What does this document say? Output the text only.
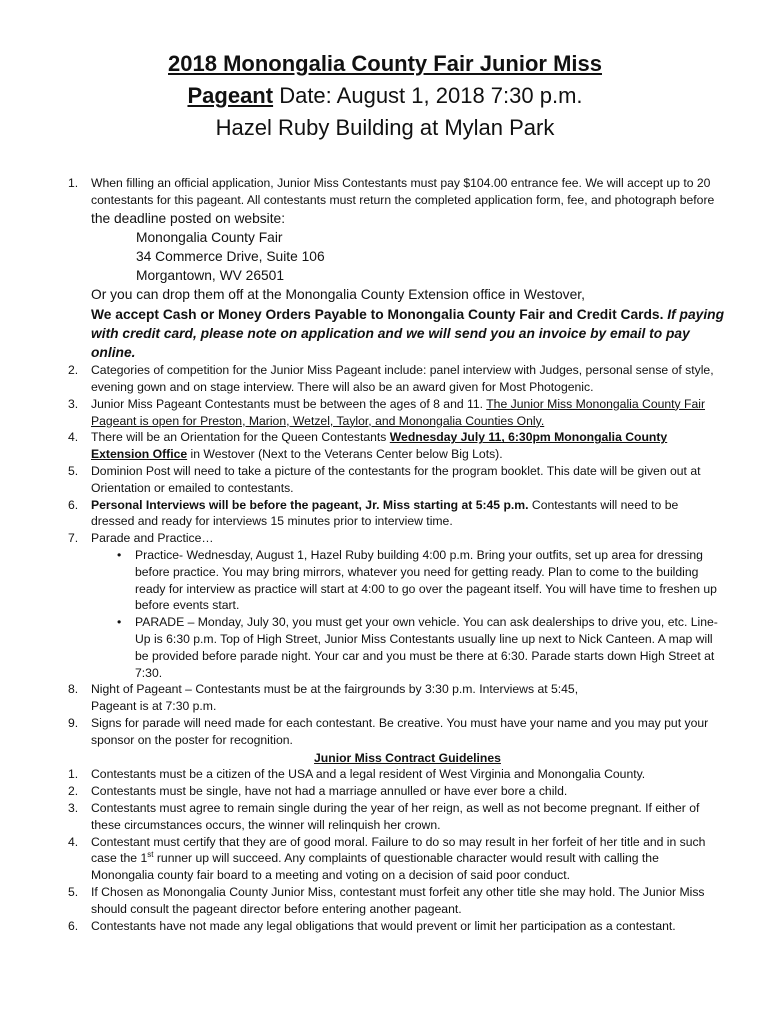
2018 Monongalia County Fair Junior Miss
Pageant Date: August 1, 2018 7:30 p.m.
Hazel Ruby Building at Mylan Park
1. When filling an official application, Junior Miss Contestants must pay $104.00 entrance fee. We will accept up to 20 contestants for this pageant. All contestants must return the completed application form, fee, and photograph before the deadline posted on website:
Monongalia County Fair
34 Commerce Drive, Suite 106
Morgantown, WV 26501
Or you can drop them off at the Monongalia County Extension office in Westover,
We accept Cash or Money Orders Payable to Monongalia County Fair and Credit Cards. If paying with credit card, please note on application and we will send you an invoice by email to pay online.
2. Categories of competition for the Junior Miss Pageant include: panel interview with Judges, personal sense of style, evening gown and on stage interview. There will also be an award given for Most Photogenic.
3. Junior Miss Pageant Contestants must be between the ages of 8 and 11. The Junior Miss Monongalia County Fair Pageant is open for Preston, Marion, Wetzel, Taylor, and Monongalia Counties Only.
4. There will be an Orientation for the Queen Contestants Wednesday July 11, 6:30pm Monongalia County Extension Office in Westover (Next to the Veterans Center below Big Lots).
5. Dominion Post will need to take a picture of the contestants for the program booklet. This date will be given out at Orientation or emailed to contestants.
6. Personal Interviews will be before the pageant, Jr. Miss starting at 5:45 p.m. Contestants will need to be dressed and ready for interviews 15 minutes prior to interview time.
7. Parade and Practice…
• Practice- Wednesday, August 1, Hazel Ruby building 4:00 p.m. Bring your outfits, set up area for dressing before practice. You may bring mirrors, whatever you need for getting ready. Plan to come to the building ready for interview as practice will start at 4:00 to go over the pageant itself. You will have time to freshen up before events start.
• PARADE – Monday, July 30, you must get your own vehicle. You can ask dealerships to drive you, etc. Line-Up is 6:30 p.m. Top of High Street, Junior Miss Contestants usually line up next to Nick Canteen. A map will be provided before parade night. Your car and you must be there at 6:30. Parade starts down High Street at 7:30.
8. Night of Pageant – Contestants must be at the fairgrounds by 3:30 p.m. Interviews at 5:45,
Pageant is at 7:30 p.m.
9. Signs for parade will need made for each contestant. Be creative. You must have your name and you may put your sponsor on the poster for recognition.
Junior Miss Contract Guidelines
1. Contestants must be a citizen of the USA and a legal resident of West Virginia and Monongalia County.
2. Contestants must be single, have not had a marriage annulled or have ever bore a child.
3. Contestants must agree to remain single during the year of her reign, as well as not become pregnant. If either of these circumstances occurs, the winner will relinquish her crown.
4. Contestant must certify that they are of good moral. Failure to do so may result in her forfeit of her title and in such case the 1st runner up will succeed. Any complaints of questionable character would result with calling the Monongalia county fair board to a meeting and voting on a decision of said poor conduct.
5. If Chosen as Monongalia County Junior Miss, contestant must forfeit any other title she may hold. The Junior Miss should consult the pageant director before entering another pageant.
6. Contestants have not made any legal obligations that would prevent or limit her participation as a contestant.
